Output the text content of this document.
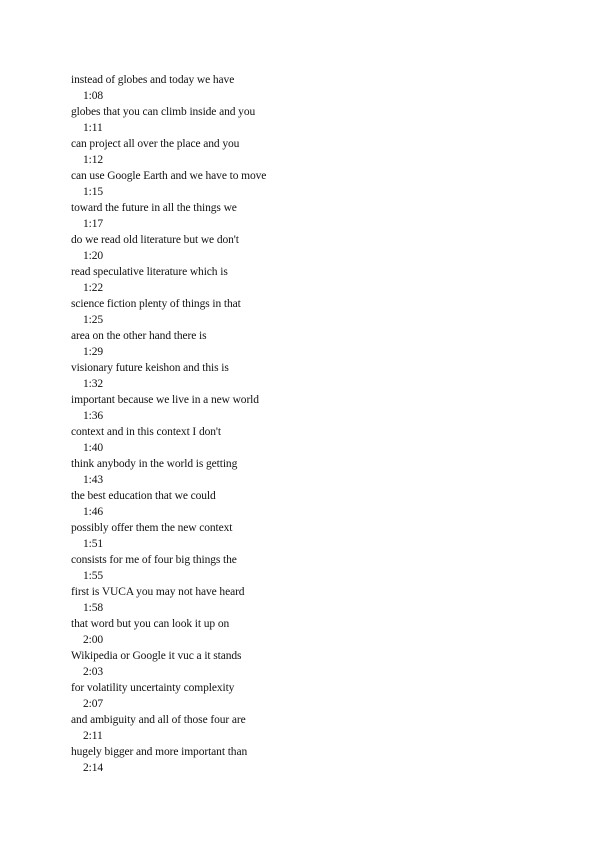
instead of globes and today we have
1:08
globes that you can climb inside and you
1:11
can project all over the place and you
1:12
can use Google Earth and we have to move
1:15
toward the future in all the things we
1:17
do we read old literature but we don't
1:20
read speculative literature which is
1:22
science fiction plenty of things in that
1:25
area on the other hand there is
1:29
visionary future keishon and this is
1:32
important because we live in a new world
1:36
context and in this context I don't
1:40
think anybody in the world is getting
1:43
the best education that we could
1:46
possibly offer them the new context
1:51
consists for me of four big things the
1:55
first is VUCA you may not have heard
1:58
that word but you can look it up on
2:00
Wikipedia or Google it vuc a it stands
2:03
for volatility uncertainty complexity
2:07
and ambiguity and all of those four are
2:11
hugely bigger and more important than
2:14
